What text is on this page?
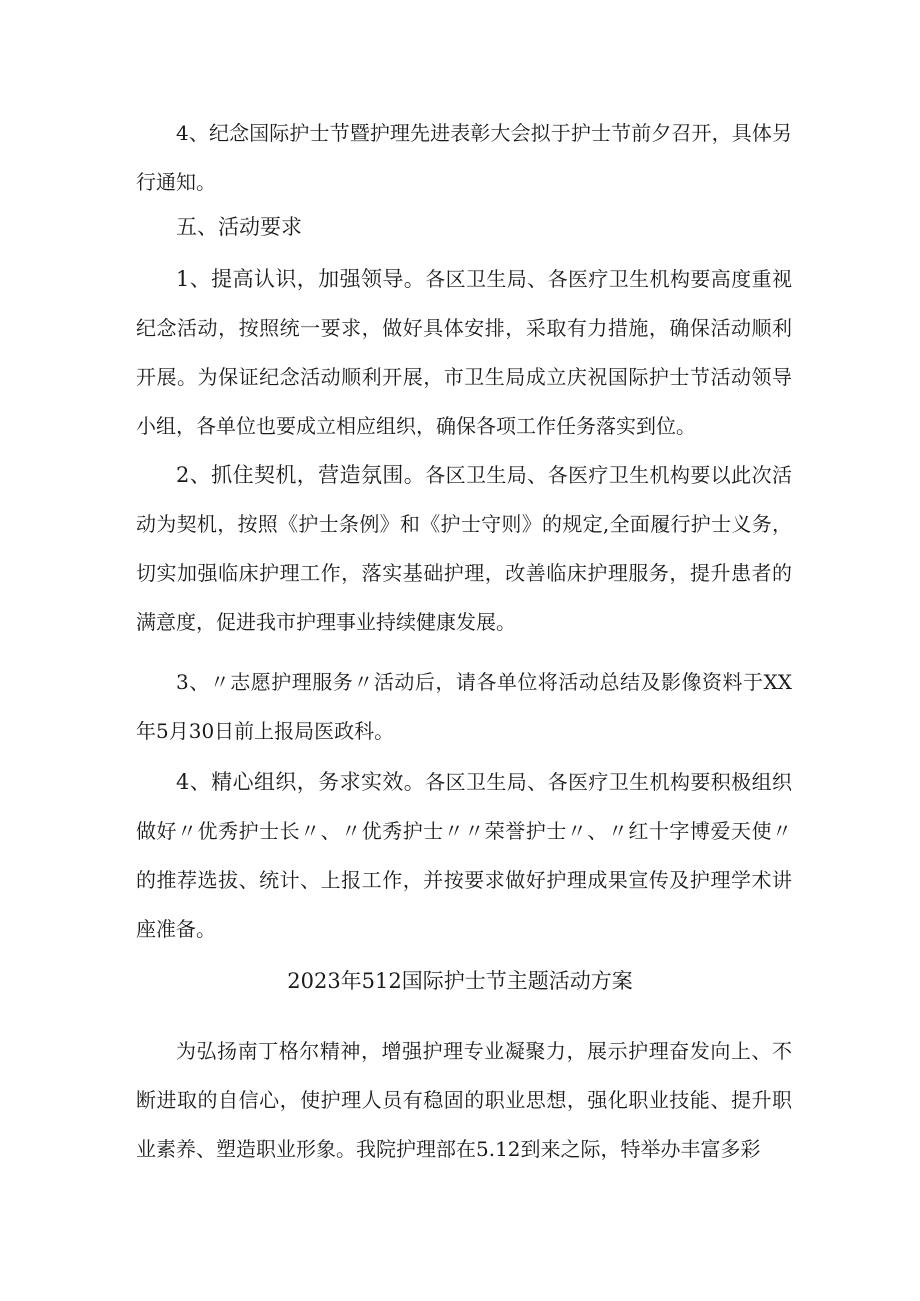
4、纪念国际护士节暨护理先进表彰大会拟于护士节前夕召开，具体另行通知。

五、活动要求

1、提高认识，加强领导。各区卫生局、各医疗卫生机构要高度重视纪念活动，按照统一要求，做好具体安排，采取有力措施，确保活动顺利开展。为保证纪念活动顺利开展，市卫生局成立庆祝国际护士节活动领导小组，各单位也要成立相应组织，确保各项工作任务落实到位。

2、抓住契机，营造氛围。各区卫生局、各医疗卫生机构要以此次活动为契机，按照《护士条例》和《护士守则》的规定,全面履行护士义务，切实加强临床护理工作，落实基础护理，改善临床护理服务，提升患者的满意度，促进我市护理事业持续健康发展。

3、〃志愿护理服务〃活动后，请各单位将活动总结及影像资料于XX年5月30日前上报局医政科。

4、精心组织，务求实效。各区卫生局、各医疗卫生机构要积极组织做好〃优秀护士长〃、〃优秀护士〃〃荣誉护士〃、〃红十字博爱天使〃的推荐选拔、统计、上报工作，并按要求做好护理成果宣传及护理学术讲座准备。

2023年512国际护士节主题活动方案

为弘扬南丁格尔精神，增强护理专业凝聚力，展示护理奋发向上、不断进取的自信心，使护理人员有稳固的职业思想，强化职业技能、提升职业素养、塑造职业形象。我院护理部在5.12到来之际，特举办丰富多彩
